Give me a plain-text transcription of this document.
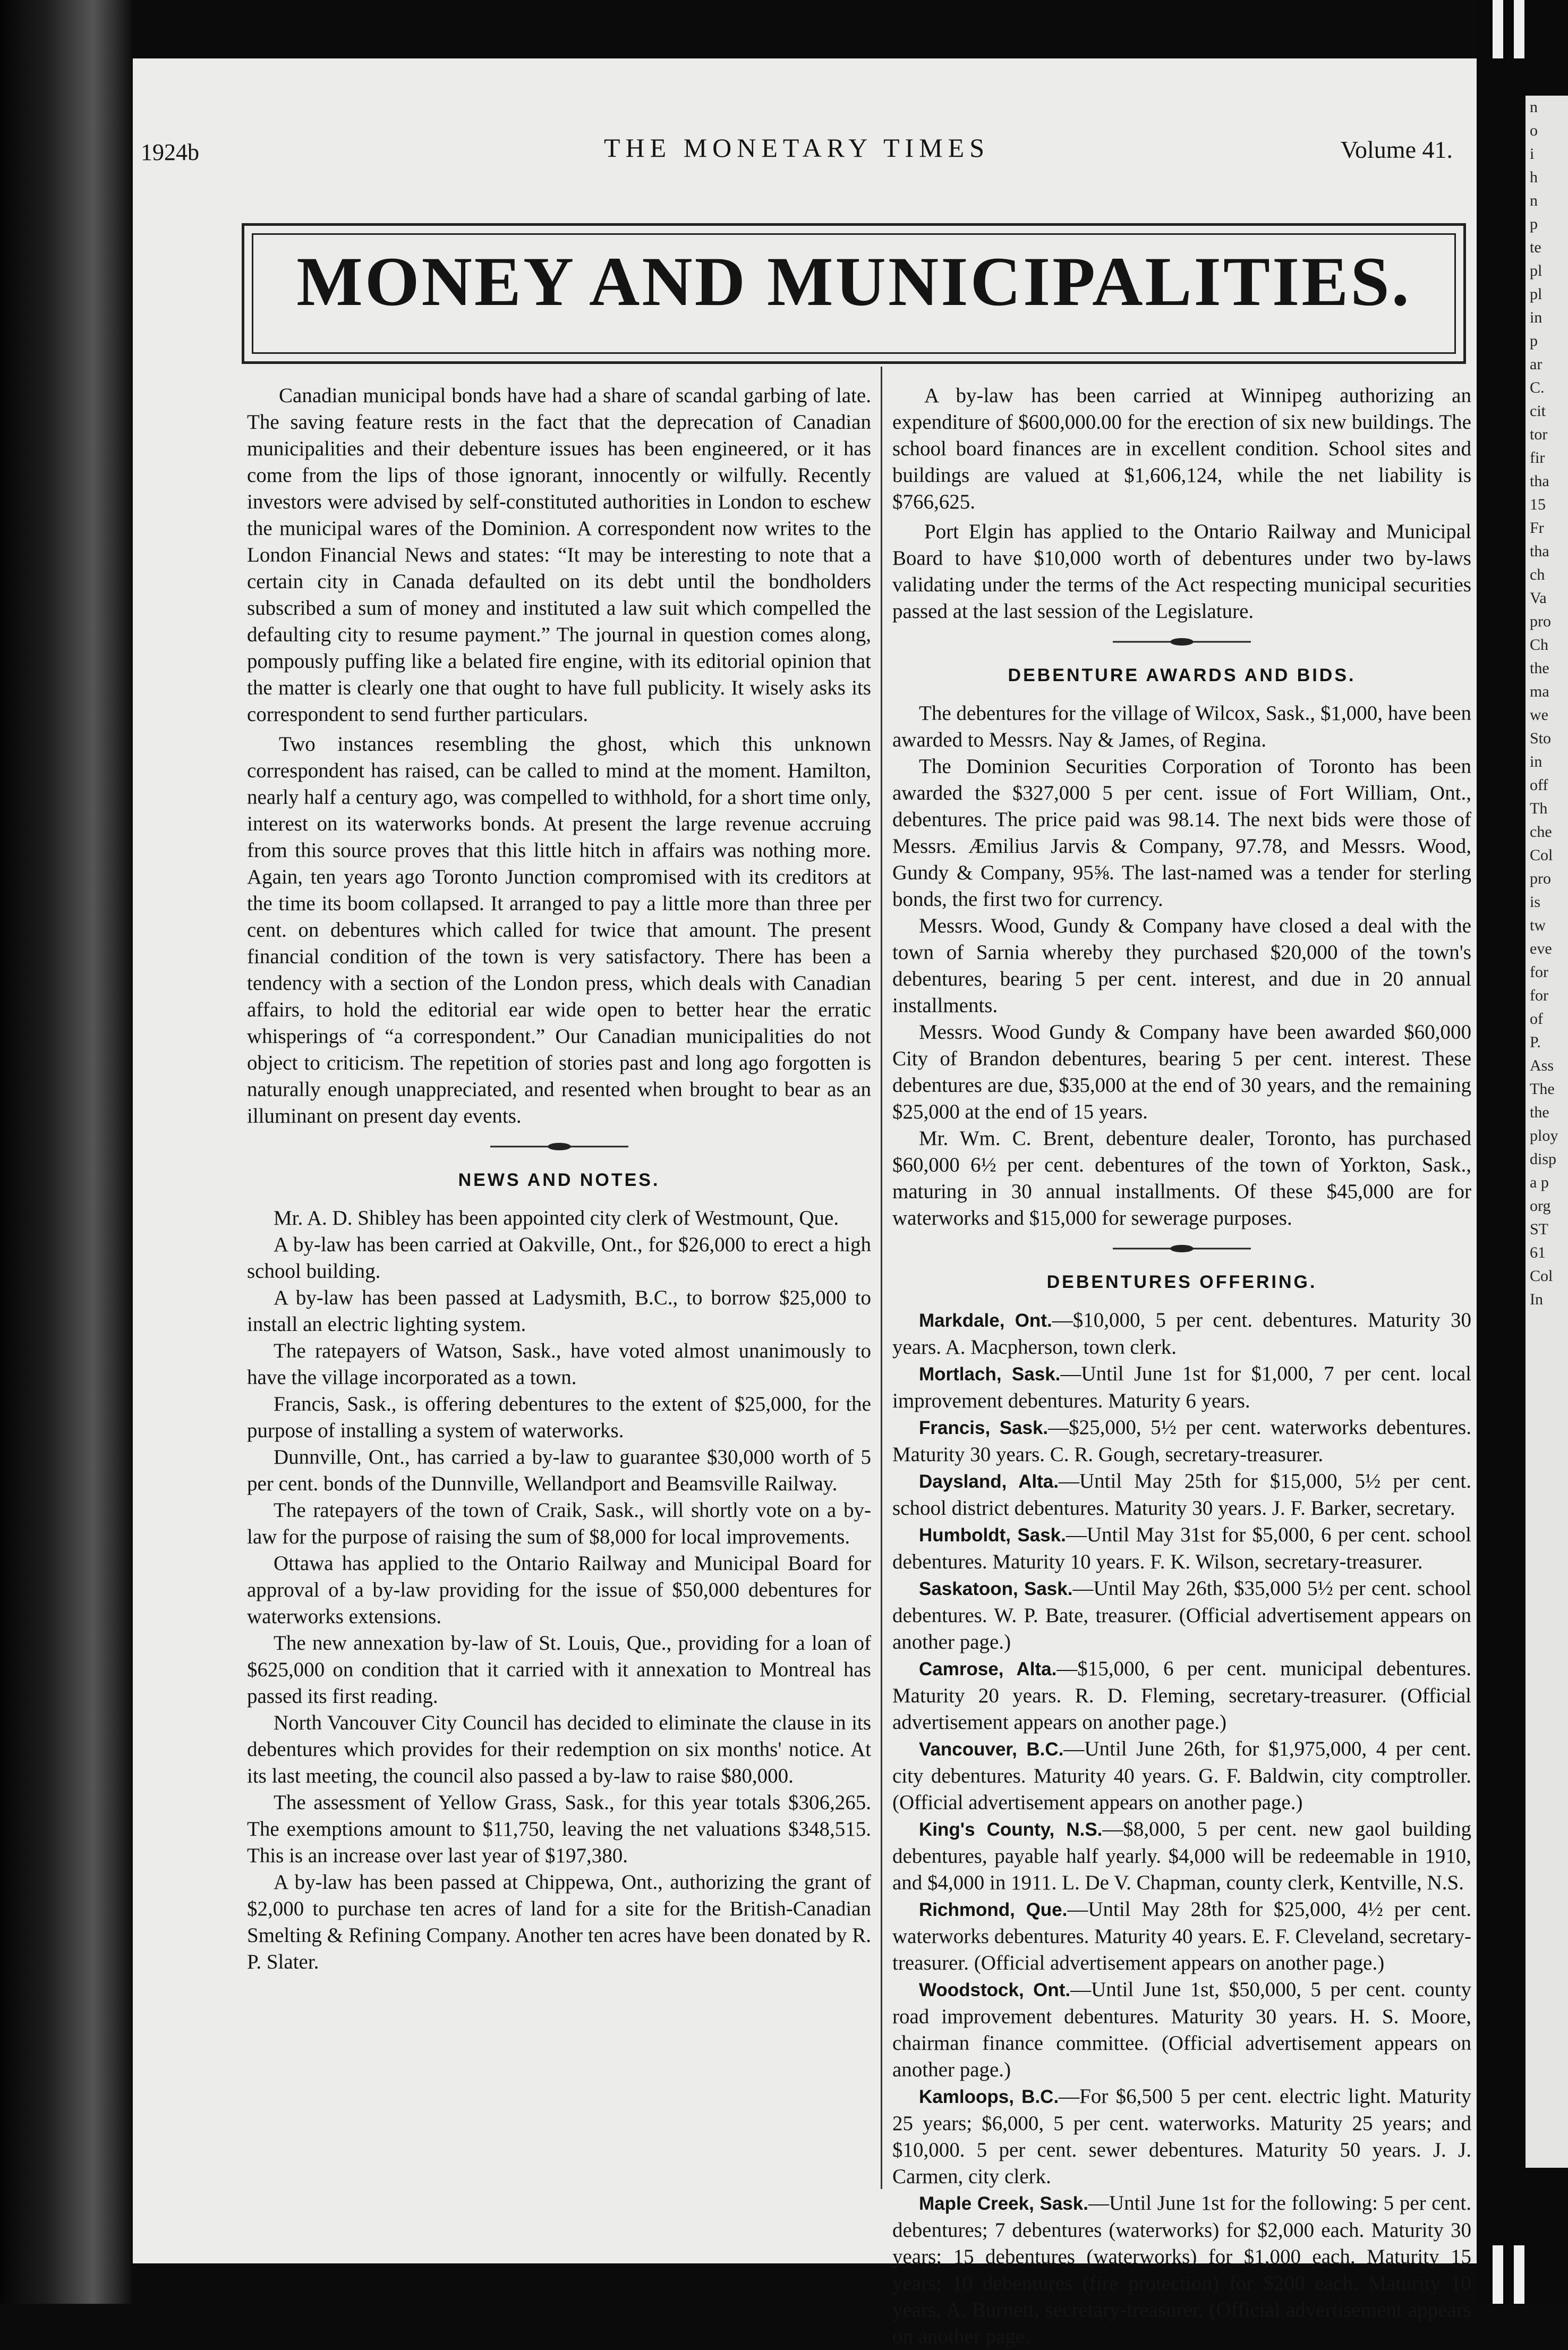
n
o
i
h
n
p
te
pl
pl
in
p
ar
C.
cit
tor
fir
tha
15
Fr
tha
ch
Va
pro
Ch
the
ma
we
Sto
in
off
Th
che
Col
pro
is
tw
eve
for
for
of
P.
Ass
The
the
ploy
disp
a p
org
ST
61
Col
In
1924b	THE MONETARY TIMES	Volume 41.
MONEY AND MUNICIPALITIES.

Canadian municipal bonds have had a share of scandal garbing of late. The saving feature rests in the fact that the deprecation of Canadian municipalities and their debenture issues has been engineered, or it has come from the lips of those ignorant, innocently or wilfully. Recently investors were advised by self-constituted authorities in London to eschew the municipal wares of the Dominion. A correspondent now writes to the London Financial News and states: “It may be interesting to note that a certain city in Canada defaulted on its debt until the bondholders subscribed a sum of money and instituted a law suit which compelled the defaulting city to resume payment.” The journal in question comes along, pompously puffing like a belated fire engine, with its editorial opinion that the matter is clearly one that ought to have full publicity. It wisely asks its correspondent to send further particulars.

Two instances resembling the ghost, which this unknown correspondent has raised, can be called to mind at the moment. Hamilton, nearly half a century ago, was compelled to withhold, for a short time only, interest on its waterworks bonds. At present the large revenue accruing from this source proves that this little hitch in affairs was nothing more. Again, ten years ago Toronto Junction compromised with its creditors at the time its boom collapsed. It arranged to pay a little more than three per cent. on debentures which called for twice that amount. The present financial condition of the town is very satisfactory. There has been a tendency with a section of the London press, which deals with Canadian affairs, to hold the editorial ear wide open to better hear the erratic whisperings of “a correspondent.” Our Canadian municipalities do not object to criticism. The repetition of stories past and long ago forgotten is naturally enough unappreciated, and resented when brought to bear as an illuminant on present day events.

NEWS AND NOTES.

Mr. A. D. Shibley has been appointed city clerk of Westmount, Que.

A by-law has been carried at Oakville, Ont., for $26,000 to erect a high school building.

A by-law has been passed at Ladysmith, B.C., to borrow $25,000 to install an electric lighting system.

The ratepayers of Watson, Sask., have voted almost unanimously to have the village incorporated as a town.

Francis, Sask., is offering debentures to the extent of $25,000, for the purpose of installing a system of waterworks.

Dunnville, Ont., has carried a by-law to guarantee $30,000 worth of 5 per cent. bonds of the Dunnville, Wellandport and Beamsville Railway.

The ratepayers of the town of Craik, Sask., will shortly vote on a by-law for the purpose of raising the sum of $8,000 for local improvements.

Ottawa has applied to the Ontario Railway and Municipal Board for approval of a by-law providing for the issue of $50,000 debentures for waterworks extensions.

The new annexation by-law of St. Louis, Que., providing for a loan of $625,000 on condition that it carried with it annexation to Montreal has passed its first reading.

North Vancouver City Council has decided to eliminate the clause in its debentures which provides for their redemption on six months' notice. At its last meeting, the council also passed a by-law to raise $80,000.

The assessment of Yellow Grass, Sask., for this year totals $306,265. The exemptions amount to $11,750, leaving the net valuations $348,515. This is an increase over last year of $197,380.

A by-law has been passed at Chippewa, Ont., authorizing the grant of $2,000 to purchase ten acres of land for a site for the British-Canadian Smelting & Refining Company. Another ten acres have been donated by R. P. Slater.

A by-law has been carried at Winnipeg authorizing an expenditure of $600,000.00 for the erection of six new buildings. The school board finances are in excellent condition. School sites and buildings are valued at $1,606,124, while the net liability is $766,625.

Port Elgin has applied to the Ontario Railway and Municipal Board to have $10,000 worth of debentures under two by-laws validating under the terms of the Act respecting municipal securities passed at the last session of the Legislature.

DEBENTURE AWARDS AND BIDS.

The debentures for the village of Wilcox, Sask., $1,000, have been awarded to Messrs. Nay & James, of Regina.

The Dominion Securities Corporation of Toronto has been awarded the $327,000 5 per cent. issue of Fort William, Ont., debentures. The price paid was 98.14. The next bids were those of Messrs. Æmilius Jarvis & Company, 97.78, and Messrs. Wood, Gundy & Company, 95⅝. The last-named was a tender for sterling bonds, the first two for currency.

Messrs. Wood, Gundy & Company have closed a deal with the town of Sarnia whereby they purchased $20,000 of the town's debentures, bearing 5 per cent. interest, and due in 20 annual installments.

Messrs. Wood Gundy & Company have been awarded $60,000 City of Brandon debentures, bearing 5 per cent. interest. These debentures are due, $35,000 at the end of 30 years, and the remaining $25,000 at the end of 15 years.

Mr. Wm. C. Brent, debenture dealer, Toronto, has purchased $60,000 6½ per cent. debentures of the town of Yorkton, Sask., maturing in 30 annual installments. Of these $45,000 are for waterworks and $15,000 for sewerage purposes.

DEBENTURES OFFERING.

Markdale, Ont.—$10,000, 5 per cent. debentures. Maturity 30 years. A. Macpherson, town clerk.

Mortlach, Sask.—Until June 1st for $1,000, 7 per cent. local improvement debentures. Maturity 6 years.

Francis, Sask.—$25,000, 5½ per cent. waterworks debentures. Maturity 30 years. C. R. Gough, secretary-treasurer.

Daysland, Alta.—Until May 25th for $15,000, 5½ per cent. school district debentures. Maturity 30 years. J. F. Barker, secretary.

Humboldt, Sask.—Until May 31st for $5,000, 6 per cent. school debentures. Maturity 10 years. F. K. Wilson, secretary-treasurer.

Saskatoon, Sask.—Until May 26th, $35,000 5½ per cent. school debentures. W. P. Bate, treasurer. (Official advertisement appears on another page.)

Camrose, Alta.—$15,000, 6 per cent. municipal debentures. Maturity 20 years. R. D. Fleming, secretary-treasurer. (Official advertisement appears on another page.)

Vancouver, B.C.—Until June 26th, for $1,975,000, 4 per cent. city debentures. Maturity 40 years. G. F. Baldwin, city comptroller. (Official advertisement appears on another page.)

King's County, N.S.—$8,000, 5 per cent. new gaol building debentures, payable half yearly. $4,000 will be redeemable in 1910, and $4,000 in 1911. L. De V. Chapman, county clerk, Kentville, N.S.

Richmond, Que.—Until May 28th for $25,000, 4½ per cent. waterworks debentures. Maturity 40 years. E. F. Cleveland, secretary-treasurer. (Official advertisement appears on another page.)

Woodstock, Ont.—Until June 1st, $50,000, 5 per cent. county road improvement debentures. Maturity 30 years. H. S. Moore, chairman finance committee. (Official advertisement appears on another page.)

Kamloops, B.C.—For $6,500 5 per cent. electric light. Maturity 25 years; $6,000, 5 per cent. waterworks. Maturity 25 years; and $10,000. 5 per cent. sewer debentures. Maturity 50 years. J. J. Carmen, city clerk.

Maple Creek, Sask.—Until June 1st for the following: 5 per cent. debentures; 7 debentures (waterworks) for $2,000 each. Maturity 30 years; 15 debentures (waterworks) for $1,000 each. Maturity 15 years; 10 debentures (fire protection) for $200 each. Maturity 10 years. A. Burnett, secretary-treasurer. (Official advertisement appears on another page.
